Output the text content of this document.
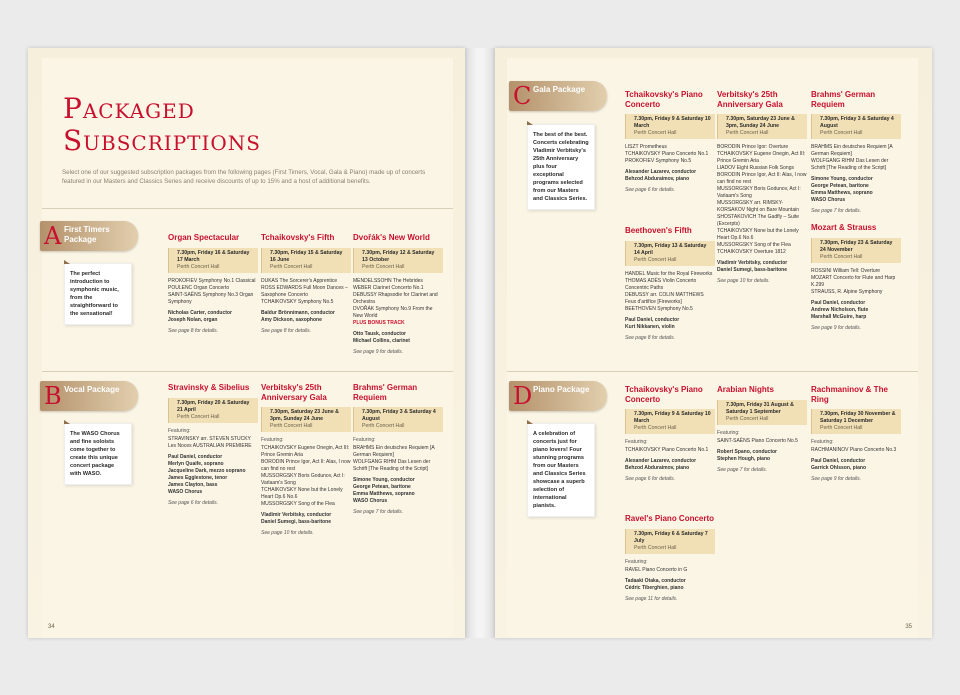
Packaged
Subscriptions
Select one of our suggested subscription packages from the following pages (First Timers, Vocal, Gala & Piano) made up of concerts featured in our Masters and Classics Series and receive discounts of up to 15% and a host of additional benefits.
A First Timers Package
The perfect introduction to symphonic music, from the straightforward to the sensational!
Organ Spectacular
7.30pm, Friday 16 & Saturday 17 March
Perth Concert Hall
PROKOFIEV Symphony No.1 Classical
POULENC Organ Concerto
SAINT-SAËNS Symphony No.3 Organ Symphony
Nicholas Carter, conductor
Joseph Nolan, organ
See page 8 for details.
Tchaikovsky's Fifth
7.30pm, Friday 15 & Saturday 16 June
Perth Concert Hall
DUKAS The Sorcerer's Apprentice
ROSS EDWARDS Full Moon Dances – Saxophone Concerto
TCHAIKOVSKY Symphony No.5
Baldur Brönnimann, conductor
Amy Dickson, saxophone
See page 8 for details.
Dvořák's New World
7.30pm, Friday 12 & Saturday 13 October
Perth Concert Hall
MENDELSSOHN The Hebrides
WEBER Clarinet Concerto No.1
DEBUSSY Rhapsodie for Clarinet and Orchestra
DVOŘÁK Symphony No.9 From the New World
PLUS BONUS TRACK
Otto Tausk, conductor
Michael Collins, clarinet
See page 9 for details.
B Vocal Package
The WASO Chorus and fine soloists come together to create this unique concert package with WASO.
Stravinsky & Sibelius
7.30pm, Friday 20 & Saturday 21 April
Perth Concert Hall
Featuring:
STRAVINSKY arr. STEVEN STUCKY Les Noces AUSTRALIAN PREMIERE
Paul Daniel, conductor
Merlyn Quaife, soprano
Jacqueline Dark, mezzo soprano
James Egglestone, tenor
James Clayton, bass
WASO Chorus
See page 6 for details.
Verbitsky's 25th Anniversary Gala
7.30pm, Saturday 23 June & 3pm, Sunday 24 June
Perth Concert Hall
Featuring:
TCHAIKOVSKY Eugene Onegin, Act III: Prince Gremin Aria
BORODIN Prince Igor, Act II: Alas, I now can find no rest
MUSSORGSKY Boris Godunov, Act I: Varlaam's Song
TCHAIKOVSKY None but the Lonely Heart Op.6 No.6
MUSSORGSKY Song of the Flea
Vladimir Verbitsky, conductor
Daniel Sumegi, bass-baritone
See page 10 for details.
Brahms' German Requiem
7.30pm, Friday 3 & Saturday 4 August
Perth Concert Hall
Featuring:
BRAHMS Ein deutsches Requiem [A German Requiem]
WOLFGANG RIHM Das Lesen der Schrift [The Reading of the Script]
Simone Young, conductor
George Petean, baritone
Emma Matthews, soprano
WASO Chorus
See page 7 for details.
34
C Gala Package
The best of the best. Concerts celebrating Vladimir Verbitsky's 25th Anniversary plus four exceptional programs selected from our Masters and Classics Series.
Tchaikovsky's Piano Concerto
7.30pm, Friday 9 & Saturday 10 March
Perth Concert Hall
LISZT Prometheus
TCHAIKOVSKY Piano Concerto No.1
PROKOFIEV Symphony No.5
Alexander Lazarev, conductor
Behzod Abduraimov, piano
See page 6 for details.
Beethoven's Fifth
7.30pm, Friday 13 & Saturday 14 April
Perth Concert Hall
HANDEL Music for the Royal Fireworks
THOMAS ADÈS Violin Concerto Concentric Paths
DEBUSSY arr. COLIN MATTHEWS Feux d'artifice [Fireworks]
BEETHOVEN Symphony No.5
Paul Daniel, conductor
Kurt Nikkanen, violin
See page 8 for details.
Verbitsky's 25th Anniversary Gala
7.30pm, Saturday 23 June & 3pm, Sunday 24 June
Perth Concert Hall
BORODIN Prince Igor: Overture
TCHAIKOVSKY Eugene Onegin, Act III: Prince Gremin Aria
LIADOV Eight Russian Folk Songs
BORODIN Prince Igor, Act II: Alas, I now can find no rest
MUSSORGSKY Boris Godunov, Act I: Varlaam's Song
MUSSORGSKY arr. RIMSKY-KORSAKOV Night on Bare Mountain
SHOSTAKOVICH The Gadfly – Suite (Excerpts)
TCHAIKOVSKY None but the Lonely Heart Op.6 No.6
MUSSORGSKY Song of the Flea
TCHAIKOVSKY Overture 1812
Vladimir Verbitsky, conductor
Daniel Sumegi, bass-baritone
See page 10 for details.
Brahms' German Requiem
7.30pm, Friday 3 & Saturday 4 August
Perth Concert Hall
BRAHMS Ein deutsches Requiem [A German Requiem]
WOLFGANG RIHM Das Lesen der Schrift [The Reading of the Script]
Simone Young, conductor
George Petean, baritone
Emma Matthews, soprano
WASO Chorus
See page 7 for details.
Mozart & Strauss
7.30pm, Friday 23 & Saturday 24 November
Perth Concert Hall
ROSSINI William Tell: Overture
MOZART Concerto for Flute and Harp K.299
STRAUSS, R. Alpine Symphony
Paul Daniel, conductor
Andrew Nicholson, flute
Marshall McGuire, harp
See page 9 for details.
D Piano Package
A celebration of concerts just for piano lovers! Four stunning programs from our Masters and Classics Series showcase a superb selection of international pianists.
Tchaikovsky's Piano Concerto
7.30pm, Friday 9 & Saturday 10 March
Perth Concert Hall
Featuring:
TCHAIKOVSKY Piano Concerto No.1
Alexander Lazarev, conductor
Behzod Abduraimov, piano
See page 6 for details.
Ravel's Piano Concerto
7.30pm, Friday 6 & Saturday 7 July
Perth Concert Hall
Featuring:
RAVEL Piano Concerto in G
Tadaaki Otaka, conductor
Cédric Tiberghien, piano
See page 11 for details.
Arabian Nights
7.30pm, Friday 31 August & Saturday 1 September
Perth Concert Hall
Featuring:
SAINT-SAËNS Piano Concerto No.5
Robert Spano, conductor
Stephen Hough, piano
See page 7 for details.
Rachmaninov & The Ring
7.30pm, Friday 30 November & Saturday 1 December
Perth Concert Hall
Featuring:
RACHMANINOV Piano Concerto No.3
Paul Daniel, conductor
Garrick Ohlsson, piano
See page 9 for details.
35
